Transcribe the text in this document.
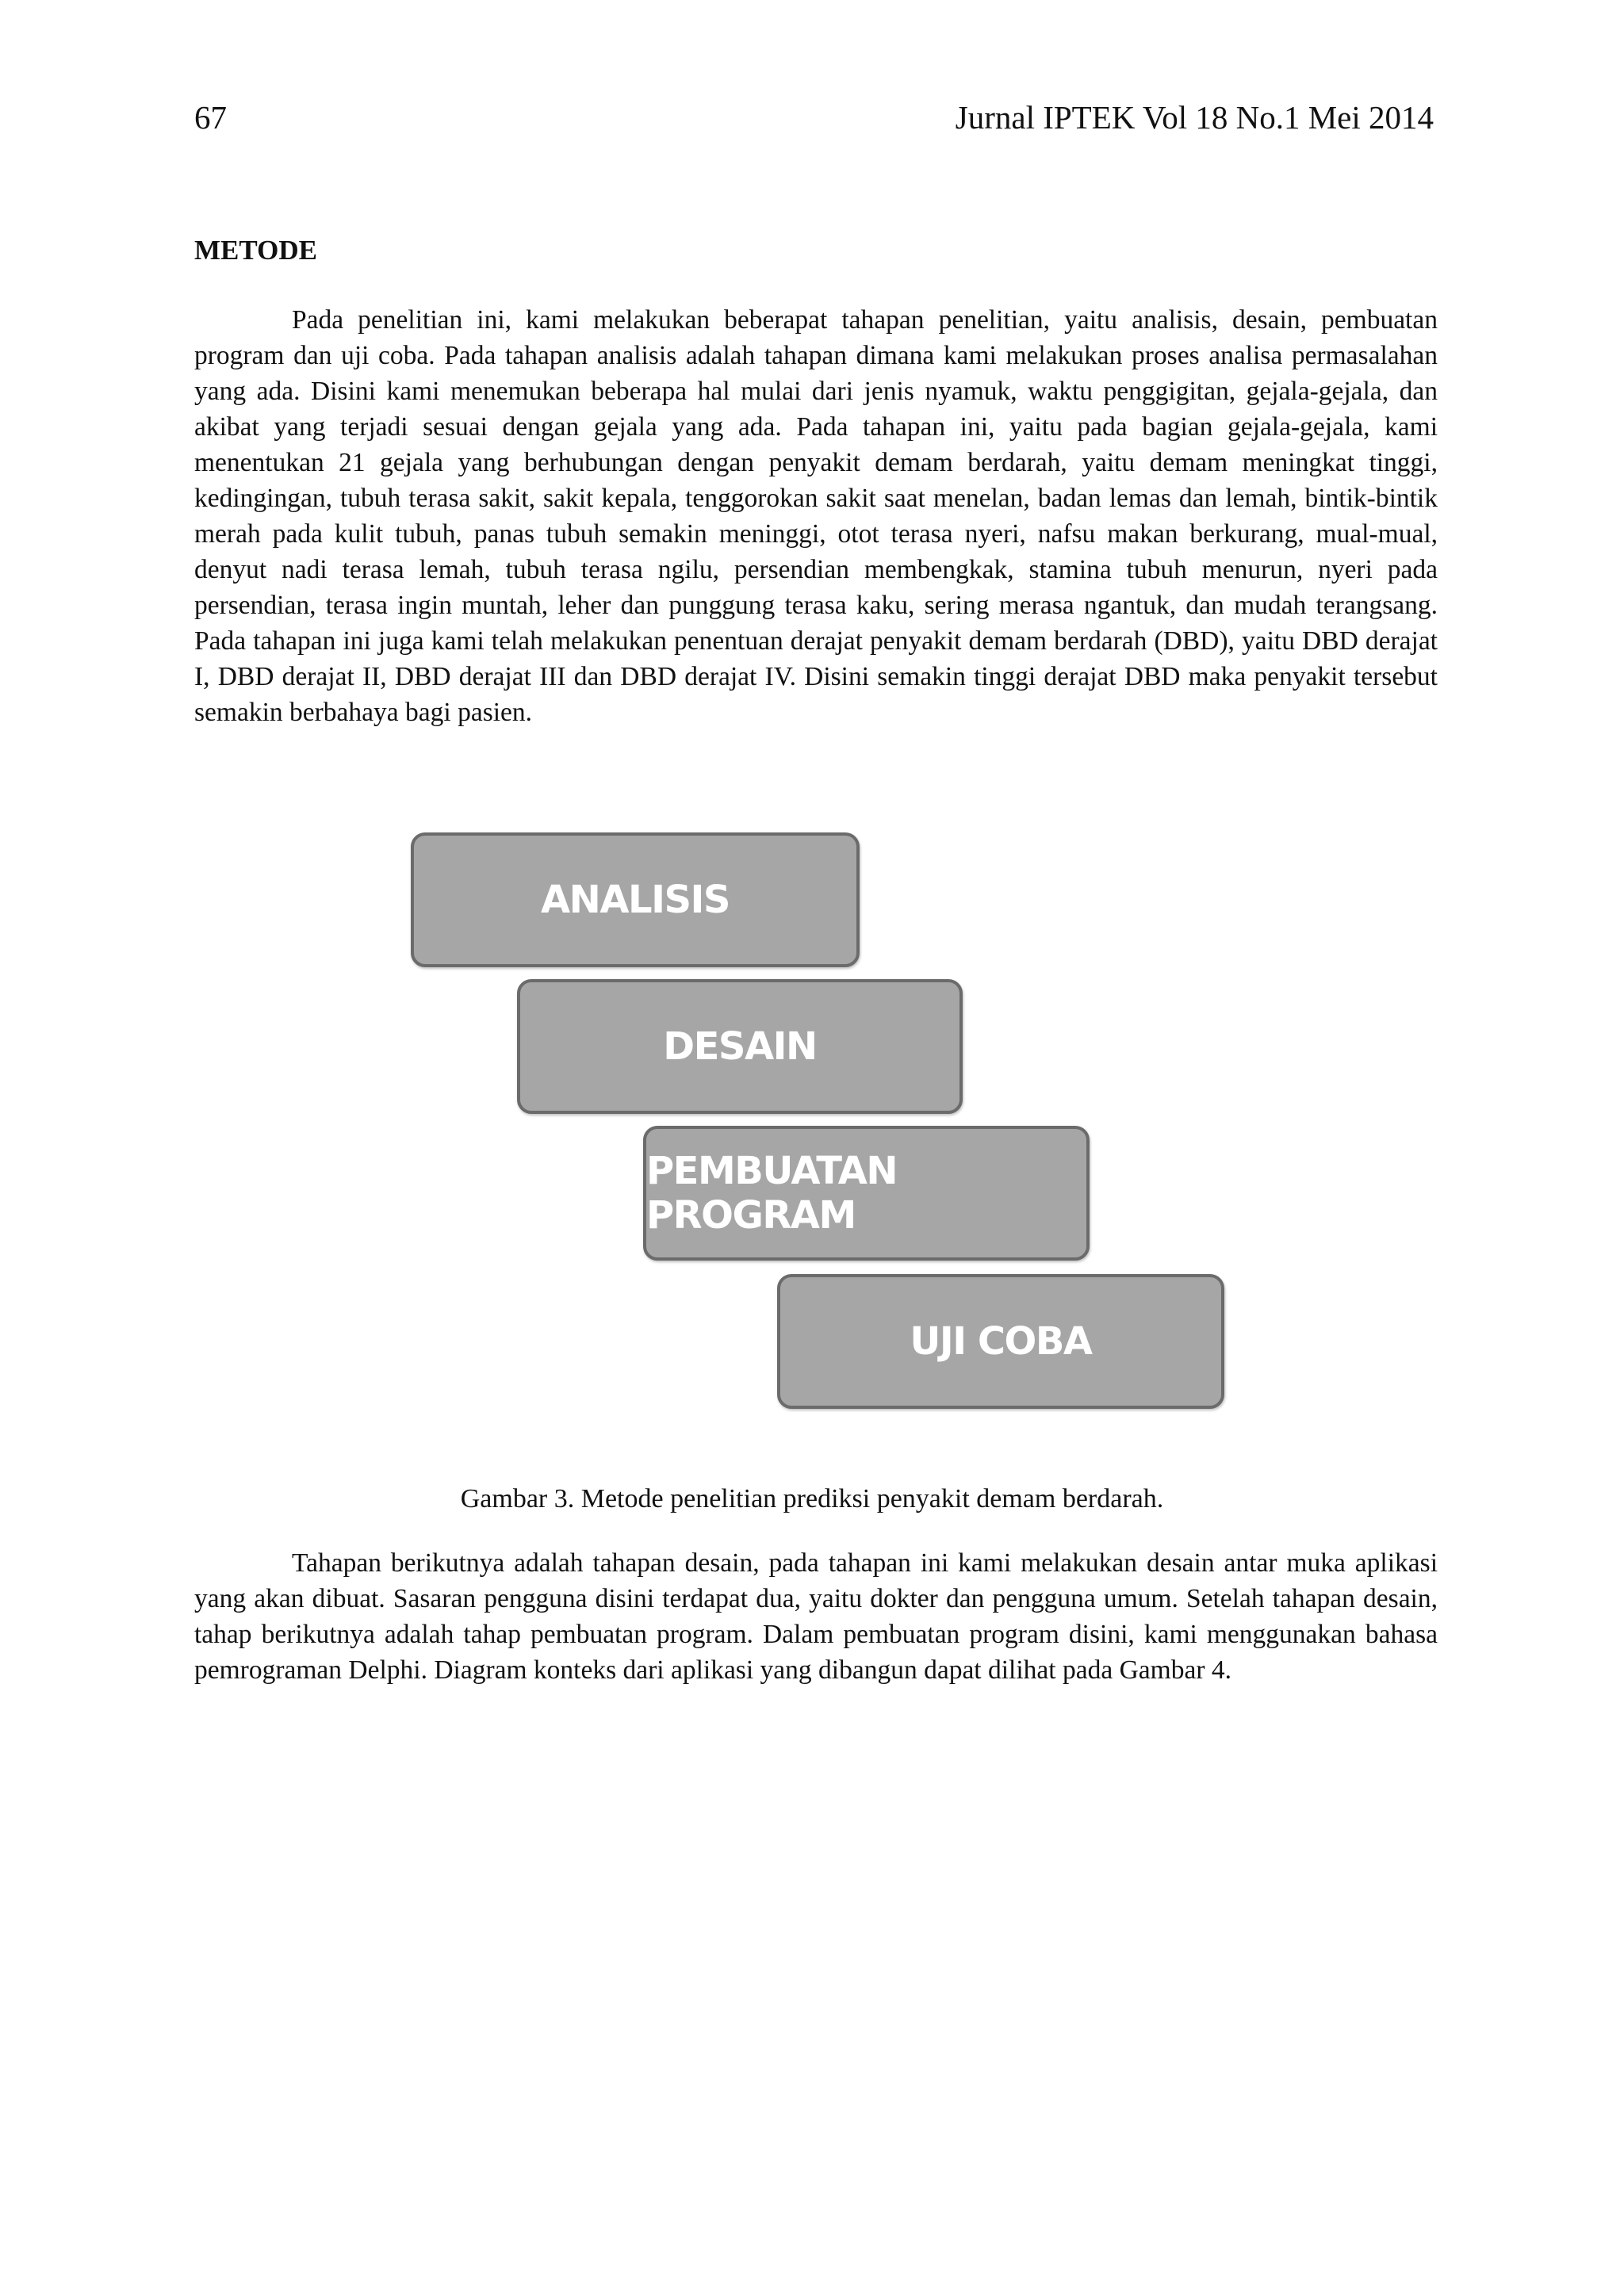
67	Jurnal IPTEK Vol 18 No.1 Mei 2014
METODE

Pada penelitian ini, kami melakukan beberapat tahapan penelitian, yaitu analisis, desain, pembuatan program dan uji coba. Pada tahapan analisis adalah tahapan dimana kami melakukan proses analisa permasalahan yang ada. Disini kami menemukan beberapa hal mulai dari jenis nyamuk, waktu penggigitan, gejala-gejala, dan akibat yang terjadi sesuai dengan gejala yang ada. Pada tahapan ini, yaitu pada bagian gejala-gejala, kami menentukan 21 gejala yang berhubungan dengan penyakit demam berdarah, yaitu demam meningkat tinggi, kedingingan, tubuh terasa sakit, sakit kepala, tenggorokan sakit saat menelan, badan lemas dan lemah, bintik-bintik merah pada kulit tubuh, panas tubuh semakin meninggi, otot terasa nyeri, nafsu makan berkurang, mual-mual, denyut nadi terasa lemah, tubuh terasa ngilu, persendian membengkak, stamina tubuh menurun, nyeri pada persendian, terasa ingin muntah, leher dan punggung terasa kaku, sering merasa ngantuk, dan mudah terangsang. Pada tahapan ini juga kami telah melakukan penentuan derajat penyakit demam berdarah (DBD), yaitu DBD derajat I, DBD derajat II, DBD derajat III dan DBD derajat IV. Disini semakin tinggi derajat DBD maka penyakit tersebut semakin berbahaya bagi pasien.

ANALISIS
DESAIN
PEMBUATAN PROGRAM
UJI COBA
Gambar 3. Metode penelitian prediksi penyakit demam berdarah.

Tahapan berikutnya adalah tahapan desain, pada tahapan ini kami melakukan desain antar muka aplikasi yang akan dibuat. Sasaran pengguna disini terdapat dua, yaitu dokter dan pengguna umum. Setelah tahapan desain, tahap berikutnya adalah tahap pembuatan program. Dalam pembuatan program disini, kami menggunakan bahasa pemrograman Delphi. Diagram konteks dari aplikasi yang dibangun dapat dilihat pada Gambar 4.
